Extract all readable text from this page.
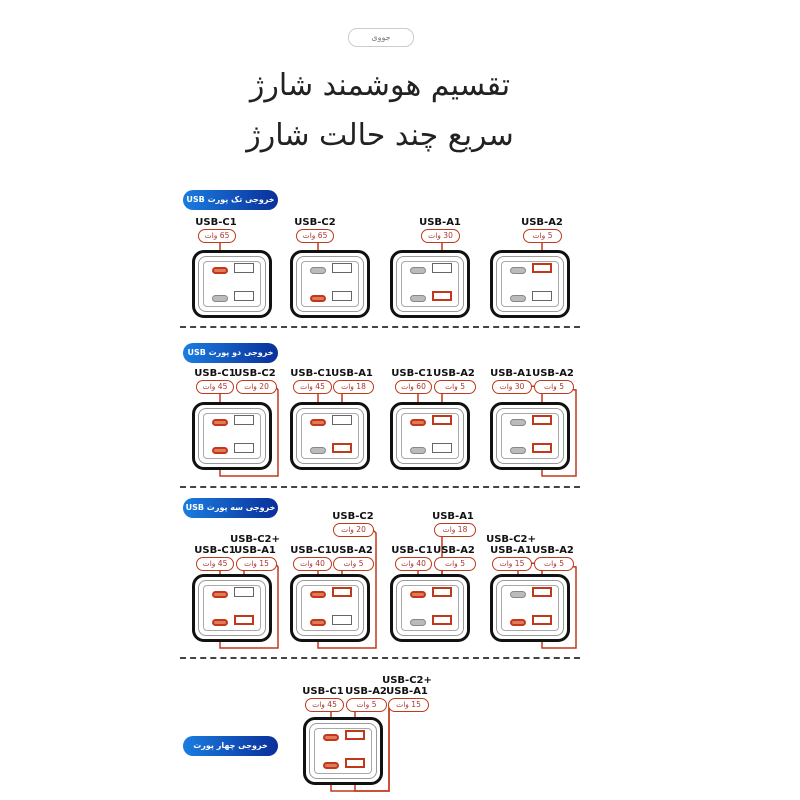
جووی
تقسیم هوشمند شارژ
سریع چند حالت شارژ
خروجی تک پورت USB
USB-C1
65 وات
USB-C2
65 وات
USB-A1
30 وات
USB-A2
5 وات
خروجی دو پورت USB
USB-C1
45 وات
USB-C2
20 وات
USB-C1
45 وات
USB-A1
18 وات
USB-C1
60 وات
USB-A2
5 وات
USB-A1
30 وات
USB-A2
5 وات
خروجی سه پورت USB
USB-C1
45 وات
USB-C2+
USB-A1
15 وات
USB-C2
20 وات
USB-C1
40 وات
USB-A2
5 وات
USB-A1
18 وات
USB-C1
40 وات
USB-A2
5 وات
USB-C2+
USB-A1
15 وات
USB-A2
5 وات
خروجی چهار پورت USB
USB-C1
45 وات
USB-A2
5 وات
USB-C2+
USB-A1
15 وات
